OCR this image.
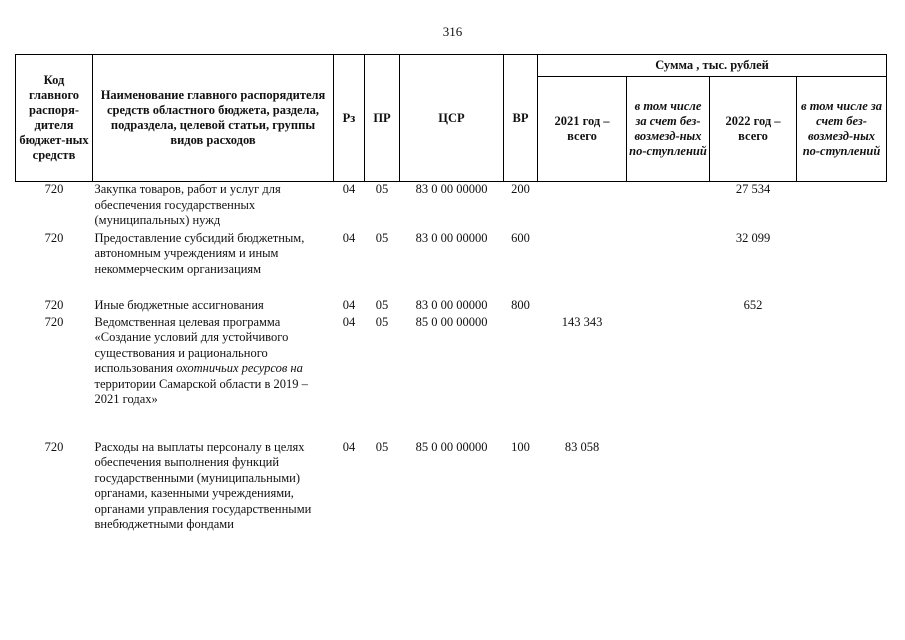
316
Код главного распоря-дителя бюджет-ных средств	Наименование главного распорядителя средств областного бюджета, раздела, подраздела, целевой статьи, группы видов расходов	Рз	ПР	ЦСР	ВР	Сумма , тыс. рублей			
						2021 год – всего	в том числе за счет без-возмезд-ных по-ступлений	2022 год – всего	в том числе за счет без-возмезд-ных по-ступлений
720	Закупка товаров, работ и услуг для обеспечения государственных (муниципальных) нужд	04	05	83 0 00 00000	200			27 534	
720	Предоставление субсидий бюджетным, автономным учреждениям и иным некоммерческим организациям	04	05	83 0 00 00000	600			32 099	
720	Иные бюджетные ассигнования	04	05	83 0 00 00000	800			652	
720	Ведомственная целевая программа «Создание условий для устойчивого существования и рационального использования охотничьих ресурсов на территории Самарской области в 2019 – 2021 годах»	04	05	85 0 00 00000		143 343			
720	Расходы на выплаты персоналу в целях обеспечения выполнения функций государственными (муниципальными) органами, казенными учреждениями, органами управления государственными внебюджетными фондами	04	05	85 0 00 00000	100	83 058			
